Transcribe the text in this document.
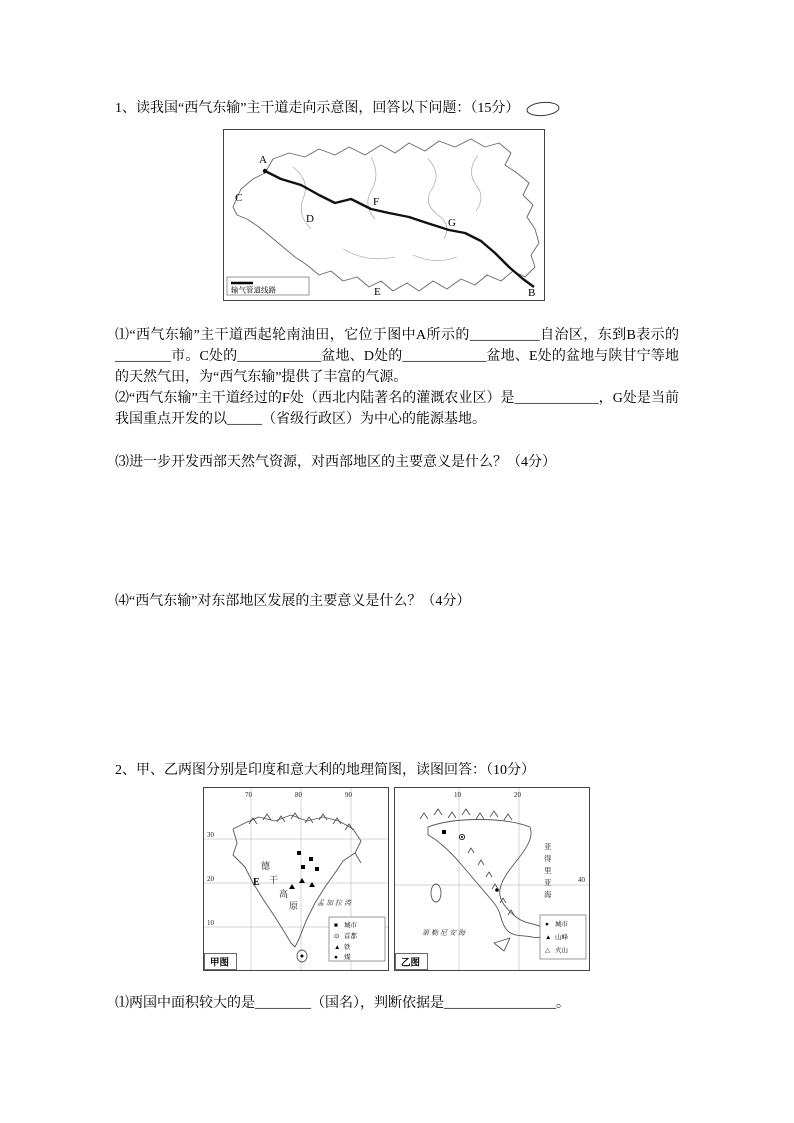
1、读我国“西气东输”主干道走向示意图，回答以下问题：（15分）

A
C
D
F
G
E	B
输气管道线路

⑴“西气东输”主干道西起轮南油田，它位于图中A所示的__________自治区，东到B表示的________市。C处的____________盆地、D处的____________盆地、E处的盆地与陕甘宁等地的天然气田，为“西气东输”提供了丰富的气源。

⑵“西气东输”主干道经过的F处（西北内陆著名的灌溉农业区）是____________，G处是当前我国重点开发的以_____（省级行政区）为中心的能源基地。

⑶进一步开发西部天然气资源，对西部地区的主要意义是什么？（4分）

⑷“西气东输”对东部地区发展的主要意义是什么？（4分）

2、甲、乙两图分别是印度和意大利的地理简图，读图回答：（10分）

70	80	90
30
20
10
德
干
高
原
E
孟加拉湾
■ 城市
⊙ 首都
▲ 铁
● 煤
甲图
10	20
40
亚
得
里
亚
海
第勒尼安海
● 城市
▲ 山峰
△ 火山
乙图

⑴两国中面积较大的是________（国名），判断依据是________________。
